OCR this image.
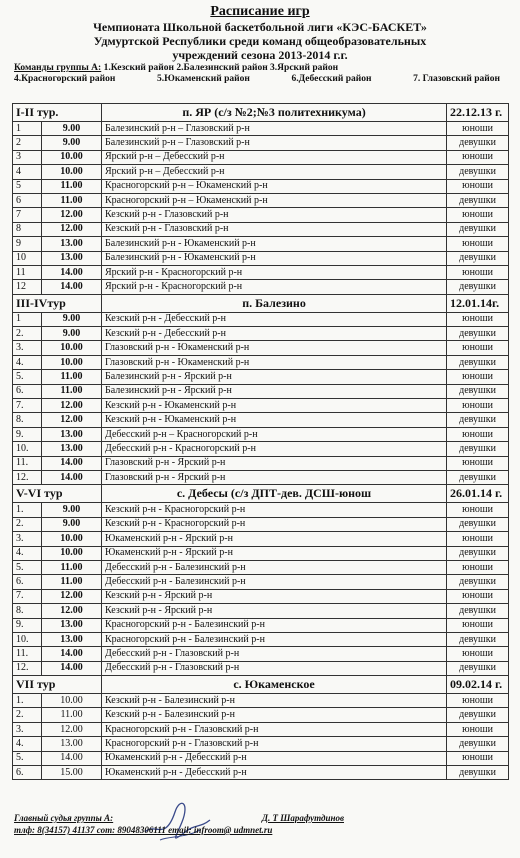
Расписание игр
Чемпионата Школьной баскетбольной лиги «КЭС-БАСКЕТ»
Удмуртской Республики среди команд общеобразовательных
учреждений сезона 2013-2014 г.г.
Команды группы А: 1.Кезский район 2.Балезинский район 3.Ярский район
4.Красногорский район	5.Юкаменский район	6.Дебесский район	7. Глазовский район
I-II тур.		п. ЯР (с/з №2;№3 политехникума)	22.12.13 г.
1	9.00	Балезинский р-н – Глазовский р-н	юноши
2	9.00	Балезинский р-н – Глазовский р-н	девушки
3	10.00	Ярский р-н – Дебесский р-н	юноши
4	10.00	Ярский р-н – Дебесский р-н	девушки
5	11.00	Красногорский р-н – Юкаменский р-н	юноши
6	11.00	Красногорский р-н – Юкаменский р-н	девушки
7	12.00	Кезский р-н - Глазовский р-н	юноши
8	12.00	Кезский р-н - Глазовский р-н	девушки
9	13.00	Балезинский р-н - Юкаменский р-н	юноши
10	13.00	Балезинский р-н - Юкаменский р-н	девушки
11	14.00	Ярский р-н - Красногорский р-н	юноши
12	14.00	Ярский р-н - Красногорский р-н	девушки
III-IVтур		п. Балезино	12.01.14г.
1	9.00	Кезский р-н - Дебесский р-н	юноши
2.	9.00	Кезский р-н - Дебесский р-н	девушки
3.	10.00	Глазовский р-н - Юкаменский р-н	юноши
4.	10.00	Глазовский р-н - Юкаменский р-н	девушки
5.	11.00	Балезинский р-н - Ярский р-н	юноши
6.	11.00	Балезинский р-н - Ярский р-н	девушки
7.	12.00	Кезский р-н - Юкаменский р-н	юноши
8.	12.00	Кезский р-н - Юкаменский р-н	девушки
9.	13.00	Дебесский р-н – Красногорский р-н	юноши
10.	13.00	Дебесский р-н - Красногорский р-н	девушки
11.	14.00	Глазовский р-н - Ярский р-н	юноши
12.	14.00	Глазовский р-н - Ярский р-н	девушки
V-VI тур		с. Дебесы (с/з ДПТ-дев. ДСШ-юнош	26.01.14 г.
1.	9.00	Кезский р-н - Красногорский р-н	юноши
2.	9.00	Кезский р-н - Красногорский р-н	девушки
3.	10.00	Юкаменский р-н - Ярский р-н	юноши
4.	10.00	Юкаменский р-н - Ярский р-н	девушки
5.	11.00	Дебесский р-н - Балезинский р-н	юноши
6.	11.00	Дебесский р-н - Балезинский р-н	девушки
7.	12.00	Кезский р-н - Ярский р-н	юноши
8.	12.00	Кезский р-н - Ярский р-н	девушки
9.	13.00	Красногорский р-н - Балезинский р-н	юноши
10.	13.00	Красногорский р-н - Балезинский р-н	девушки
11.	14.00	Дебесский р-н - Глазовский р-н	юноши
12.	14.00	Дебесский р-н - Глазовский р-н	девушки
VII тур		с. Юкаменское	09.02.14 г.
1.	10.00	Кезский р-н - Балезинский р-н	юноши
2.	11.00	Кезский р-н - Балезинский р-н	девушки
3.	12.00	Красногорский р-н - Глазовский р-н	юноши
4.	13.00	Красногорский р-н - Глазовский р-н	девушки
5.	14.00	Юкаменский р-н - Дебесский р-н	юноши
6.	15.00	Юкаменский р-н - Дебесский р-н	девушки
Главный судья группы А:	Д. Т Шарафутдинов
тлф: 8(34157) 41137 сот: 89048306111 email: infroom@ udmnet.ru
